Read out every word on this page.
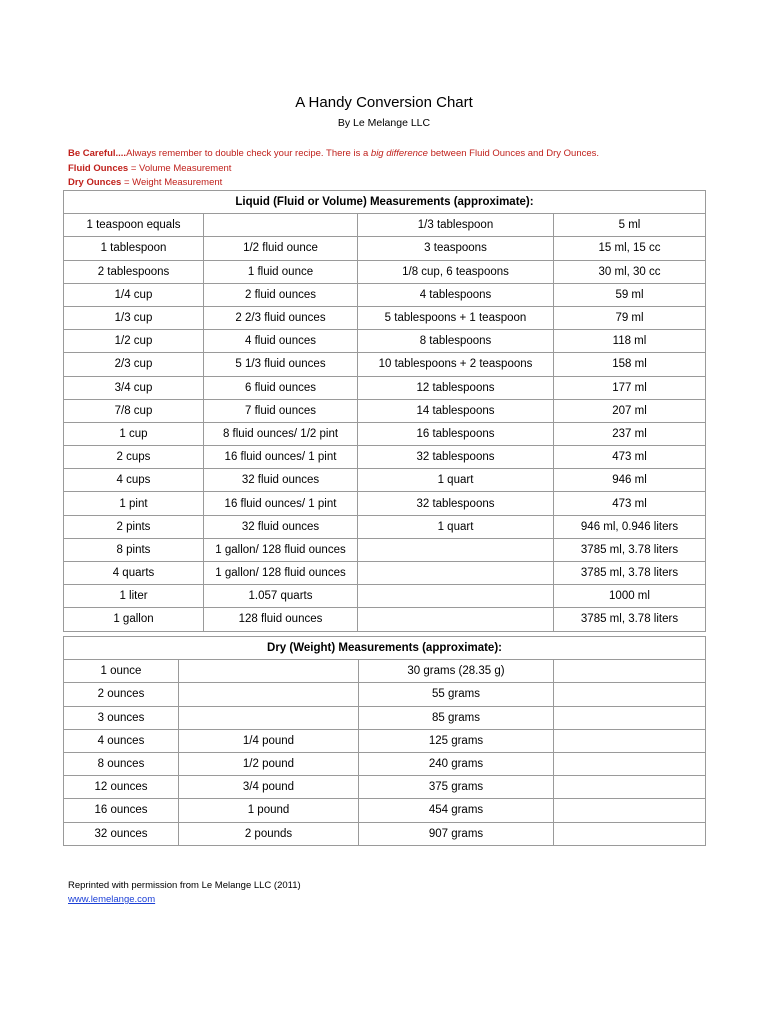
A Handy Conversion Chart
By Le Melange LLC
Be Careful....Always remember to double check your recipe. There is a big difference between Fluid Ounces and Dry Ounces.
Fluid Ounces = Volume Measurement
Dry Ounces = Weight Measurement
Liquid (Fluid or Volume) Measurements (approximate):			
1 teaspoon equals		1/3 tablespoon	5 ml
1 tablespoon	1/2 fluid ounce	3 teaspoons	15 ml, 15 cc
2 tablespoons	1 fluid ounce	1/8 cup, 6 teaspoons	30 ml, 30 cc
1/4 cup	2 fluid ounces	4 tablespoons	59 ml
1/3 cup	2 2/3 fluid ounces	5 tablespoons + 1 teaspoon	79 ml
1/2 cup	4 fluid ounces	8 tablespoons	118 ml
2/3 cup	5 1/3 fluid ounces	10 tablespoons + 2 teaspoons	158 ml
3/4 cup	6 fluid ounces	12 tablespoons	177 ml
7/8 cup	7 fluid ounces	14 tablespoons	207 ml
1 cup	8 fluid ounces/ 1/2 pint	16 tablespoons	237 ml
2 cups	16 fluid ounces/ 1 pint	32 tablespoons	473 ml
4 cups	32 fluid ounces	1 quart	946 ml
1 pint	16 fluid ounces/ 1 pint	32 tablespoons	473 ml
2 pints	32 fluid ounces	1 quart	946 ml, 0.946 liters
8 pints	1 gallon/ 128 fluid ounces		3785 ml, 3.78 liters
4 quarts	1 gallon/ 128 fluid ounces		3785 ml, 3.78 liters
1 liter	1.057 quarts		1000 ml
1 gallon	128 fluid ounces		3785 ml, 3.78 liters
Dry (Weight) Measurements (approximate):			
1 ounce		30 grams (28.35 g)	
2 ounces		55 grams	
3 ounces		85 grams	
4 ounces	1/4 pound	125 grams	
8 ounces	1/2 pound	240 grams	
12 ounces	3/4 pound	375 grams	
16 ounces	1 pound	454 grams	
32 ounces	2 pounds	907 grams	
Reprinted with permission from Le Melange LLC (2011)
www.lemelange.com
